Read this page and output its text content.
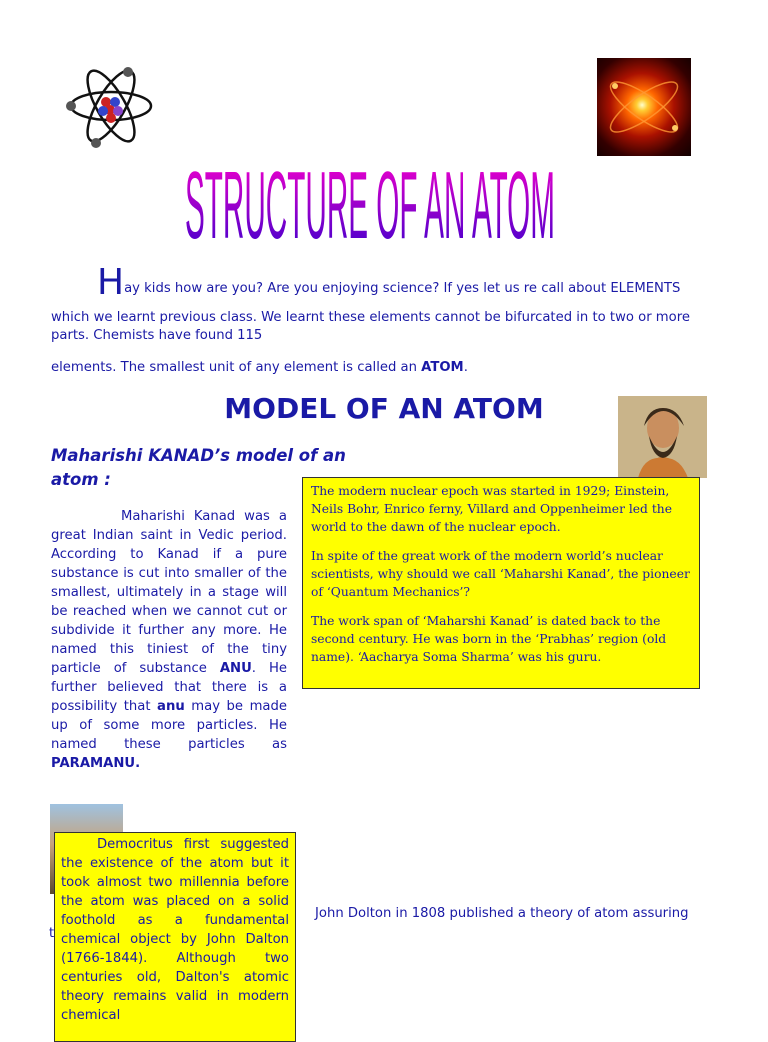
STRUCTURE OF AN ATOM
Hay kids how are you? Are you enjoying science? If yes let us re call about ELEMENTS
which we learnt previous class. We learnt these elements cannot be bifurcated in to two or more
parts. Chemists have found 115
elements. The smallest unit of any element is called an ATOM.
MODEL OF AN ATOM
Maharishi KANAD’s model of an
atom :
Maharishi Kanad was a great Indian saint in Vedic period. According to Kanad if a pure substance is cut into smaller of the smallest, ultimately in a stage will be reached when we cannot cut or subdivide it further any more. He named this tiniest of the tiny particle of substance ANU. He further believed that there is a possibility that anu may be made up of some more particles. He named these particles as PARAMANU.

The modern nuclear epoch was started in 1929; Einstein, Neils Bohr, Enrico ferny, Villard and Oppenheimer led the world to the dawn of the nuclear epoch.

In spite of the great work of the modern world’s nuclear scientists, why should we call ‘Maharshi Kanad’, the pioneer of ‘Quantum Mechanics’?

The work span of ‘Maharshi Kanad’ is dated back to the second century. He was born in the ‘Prabhas’ region (old name). ‘Aacharya Soma Sharma’ was his guru.

Democritus first suggested the existence of the atom but it took almost two millennia before the atom was placed on a solid foothold as a fundamental chemical object by John Dalton (1766-1844). Although two centuries old, Dalton's atomic theory remains valid in modern chemical
t
John Dolton in 1808 published a theory of atom assuring
